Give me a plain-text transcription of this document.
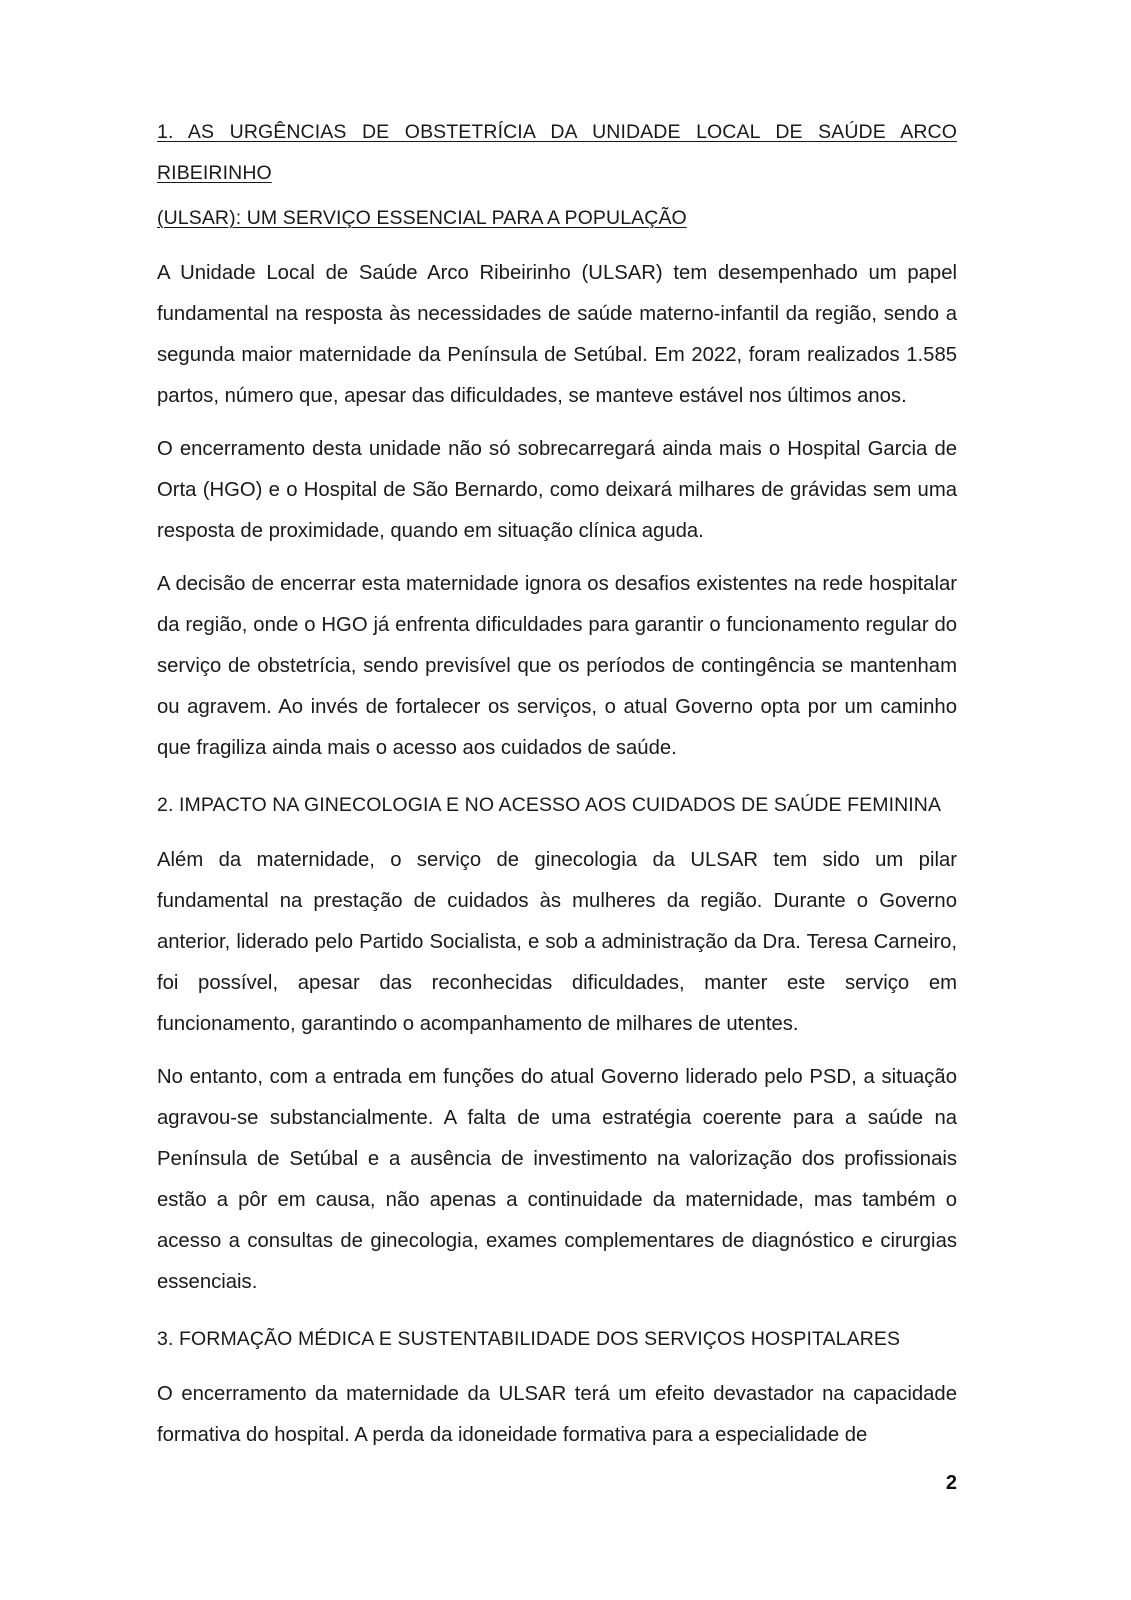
1. AS URGÊNCIAS DE OBSTETRÍCIA DA UNIDADE LOCAL DE SAÚDE ARCO RIBEIRINHO
(ULSAR): UM SERVIÇO ESSENCIAL PARA A POPULAÇÃO

A Unidade Local de Saúde Arco Ribeirinho (ULSAR) tem desempenhado um papel fundamental na resposta às necessidades de saúde materno-infantil da região, sendo a segunda maior maternidade da Península de Setúbal. Em 2022, foram realizados 1.585 partos, número que, apesar das dificuldades, se manteve estável nos últimos anos.

O encerramento desta unidade não só sobrecarregará ainda mais o Hospital Garcia de Orta (HGO) e o Hospital de São Bernardo, como deixará milhares de grávidas sem uma resposta de proximidade, quando em situação clínica aguda.

A decisão de encerrar esta maternidade ignora os desafios existentes na rede hospitalar da região, onde o HGO já enfrenta dificuldades para garantir o funcionamento regular do serviço de obstetrícia, sendo previsível que os períodos de contingência se mantenham ou agravem. Ao invés de fortalecer os serviços, o atual Governo opta por um caminho que fragiliza ainda mais o acesso aos cuidados de saúde.

2. IMPACTO NA GINECOLOGIA E NO ACESSO AOS CUIDADOS DE SAÚDE FEMININA

Além da maternidade, o serviço de ginecologia da ULSAR tem sido um pilar fundamental na prestação de cuidados às mulheres da região. Durante o Governo anterior, liderado pelo Partido Socialista, e sob a administração da Dra. Teresa Carneiro, foi possível, apesar das reconhecidas dificuldades, manter este serviço em funcionamento, garantindo o acompanhamento de milhares de utentes.

No entanto, com a entrada em funções do atual Governo liderado pelo PSD, a situação agravou-se substancialmente. A falta de uma estratégia coerente para a saúde na Península de Setúbal e a ausência de investimento na valorização dos profissionais estão a pôr em causa, não apenas a continuidade da maternidade, mas também o acesso a consultas de ginecologia, exames complementares de diagnóstico e cirurgias essenciais.

3. FORMAÇÃO MÉDICA E SUSTENTABILIDADE DOS SERVIÇOS HOSPITALARES

O encerramento da maternidade da ULSAR terá um efeito devastador na capacidade formativa do hospital. A perda da idoneidade formativa para a especialidade de

2
